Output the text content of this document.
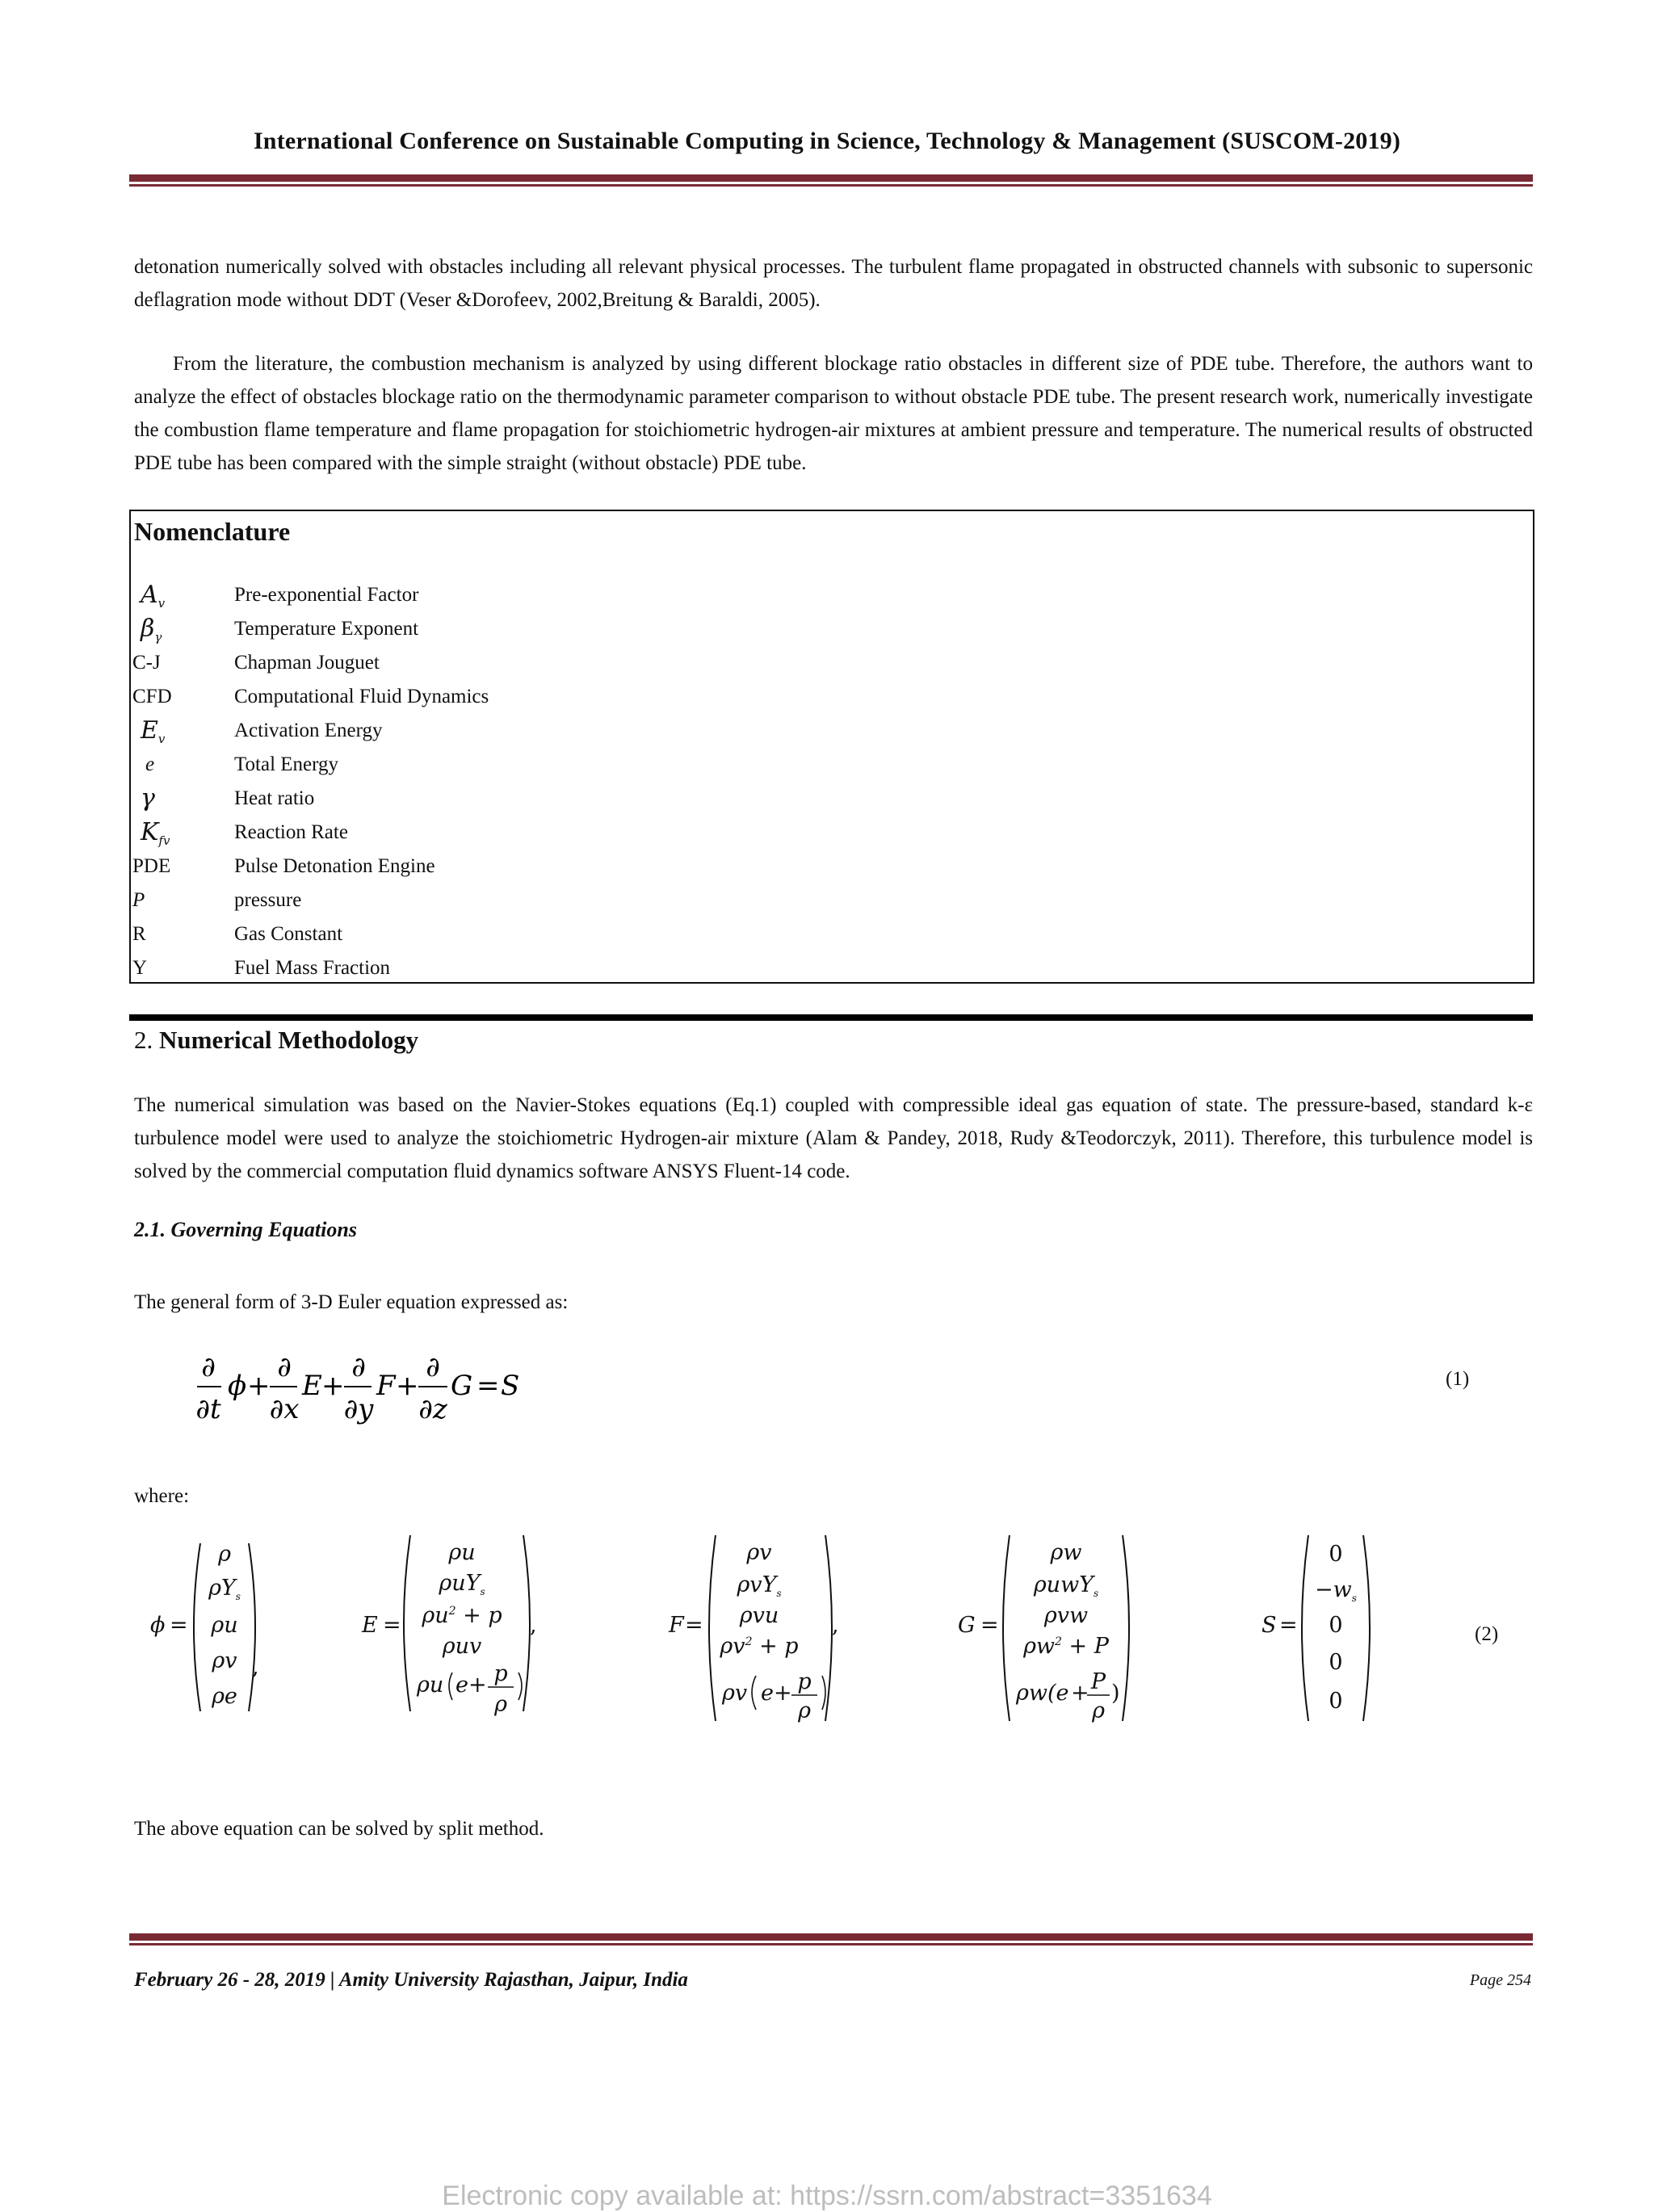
International Conference on Sustainable Computing in Science, Technology & Management (SUSCOM-2019)
detonation numerically solved with obstacles including all relevant physical processes. The turbulent flame propagated in obstructed channels with subsonic to supersonic deflagration mode without DDT (Veser &Dorofeev, 2002,Breitung & Baraldi, 2005).
From the literature, the combustion mechanism is analyzed by using different blockage ratio obstacles in different size of PDE tube. Therefore, the authors want to analyze the effect of obstacles blockage ratio on the thermodynamic parameter comparison to without obstacle PDE tube. The present research work, numerically investigate the combustion flame temperature and flame propagation for stoichiometric hydrogen-air mixtures at ambient pressure and temperature. The numerical results of obstructed PDE tube has been compared with the simple straight (without obstacle) PDE tube.
Nomenclature
$A_v$	Pre-exponential Factor
$\beta_\gamma$	Temperature Exponent
C-J	Chapman Jouguet
CFD	Computational Fluid Dynamics
$E_v$	Activation Energy
e	Total Energy
γ	Heat ratio
$K_{fv}$	Reaction Rate
PDE	Pulse Detonation Engine
P	pressure
R	Gas Constant
Y	Fuel Mass Fraction
2. Numerical Methodology
The numerical simulation was based on the Navier-Stokes equations (Eq.1) coupled with compressible ideal gas equation of state. The pressure-based, standard k-ε turbulence model were used to analyze the stoichiometric Hydrogen-air mixture (Alam & Pandey, 2018, Rudy &Teodorczyk, 2011). Therefore, this turbulence model is solved by the commercial computation fluid dynamics software ANSYS Fluent-14 code.
2.1. Governing Equations
The general form of 3-D Euler equation expressed as:
∂
∂t
ϕ +
∂
∂x
E +
∂
∂y
F +
∂
∂z
G = S	(1)
where:
ϕ =
ρ
$\rho Y_s$
ρu
ρv
ρe
,
E =
ρu
ρuY$_s$
$\rho u^2 + p$
ρuv
ρu e + p
ρ
,	F =
ρv
ρvY$_s$
ρvu
$\rho v^2 + p$
ρv e + p
ρ
,	G =
ρw
ρuwY$_s$
ρvw
$\rho w^2 + P$
ρw(e + P
ρ
)
S =
0
$-w_s$
0
0
0
(2)
The above equation can be solved by split method.
February 26 - 28, 2019 | Amity University Rajasthan, Jaipur, India	Page 254
Electronic copy available at: https://ssrn.com/abstract=3351634
